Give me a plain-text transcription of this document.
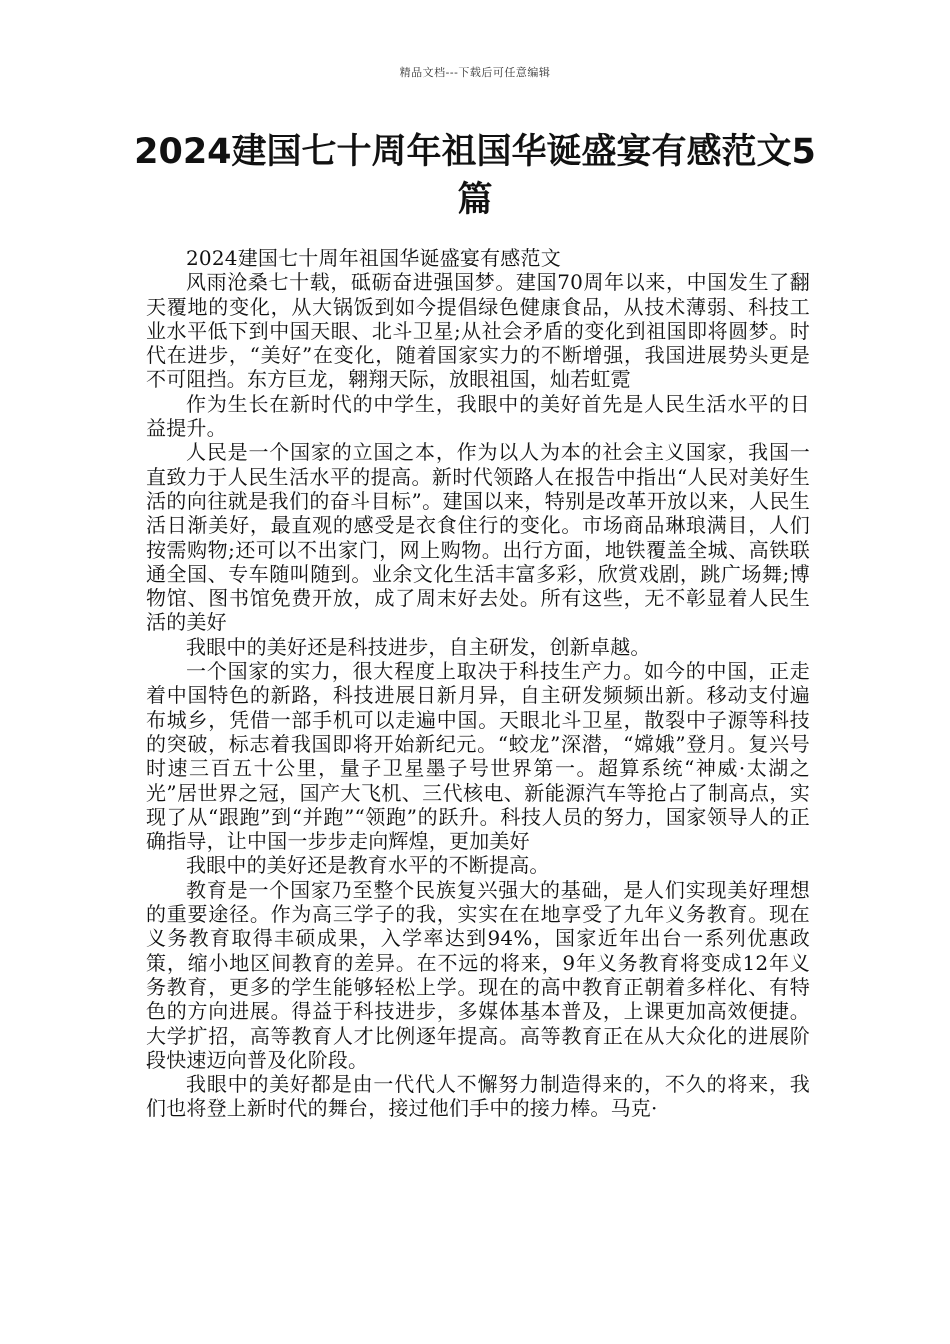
精品文档---下载后可任意编辑
2024建国七十周年祖国华诞盛宴有感范文5篇

2024建国七十周年祖国华诞盛宴有感范文

风雨沧桑七十载，砥砺奋进强国梦。建国70周年以来，中国发生了翻天覆地的变化，从大锅饭到如今提倡绿色健康食品，从技术薄弱、科技工业水平低下到中国天眼、北斗卫星;从社会矛盾的变化到祖国即将圆梦。时代在进步，“美好”在变化，随着国家实力的不断增强，我国进展势头更是不可阻挡。东方巨龙，翱翔天际，放眼祖国，灿若虹霓

作为生长在新时代的中学生，我眼中的美好首先是人民生活水平的日益提升。

人民是一个国家的立国之本，作为以人为本的社会主义国家，我国一直致力于人民生活水平的提高。新时代领路人在报告中指出“人民对美好生活的向往就是我们的奋斗目标”。建国以来，特别是改革开放以来，人民生活日渐美好，最直观的感受是衣食住行的变化。市场商品琳琅满目，人们按需购物;还可以不出家门，网上购物。出行方面，地铁覆盖全城、高铁联通全国、专车随叫随到。业余文化生活丰富多彩，欣赏戏剧，跳广场舞;博物馆、图书馆免费开放，成了周末好去处。所有这些，无不彰显着人民生活的美好

我眼中的美好还是科技进步，自主研发，创新卓越。

一个国家的实力，很大程度上取决于科技生产力。如今的中国，正走着中国特色的新路，科技进展日新月异，自主研发频频出新。移动支付遍布城乡，凭借一部手机可以走遍中国。天眼北斗卫星，散裂中子源等科技的突破，标志着我国即将开始新纪元。“蛟龙”深潜，“嫦娥”登月。复兴号时速三百五十公里，量子卫星墨子号世界第一。超算系统“神威·太湖之光”居世界之冠，国产大飞机、三代核电、新能源汽车等抢占了制高点，实现了从“跟跑”到“并跑”“领跑”的跃升。科技人员的努力，国家领导人的正确指导，让中国一步步走向辉煌，更加美好

我眼中的美好还是教育水平的不断提高。

教育是一个国家乃至整个民族复兴强大的基础，是人们实现美好理想的重要途径。作为高三学子的我，实实在在地享受了九年义务教育。现在义务教育取得丰硕成果，入学率达到94%，国家近年出台一系列优惠政策，缩小地区间教育的差异。在不远的将来，9年义务教育将变成12年义务教育，更多的学生能够轻松上学。现在的高中教育正朝着多样化、有特色的方向进展。得益于科技进步，多媒体基本普及，上课更加高效便捷。大学扩招，高等教育人才比例逐年提高。高等教育正在从大众化的进展阶段快速迈向普及化阶段。

我眼中的美好都是由一代代人不懈努力制造得来的，不久的将来，我们也将登上新时代的舞台，接过他们手中的接力棒。马克·
